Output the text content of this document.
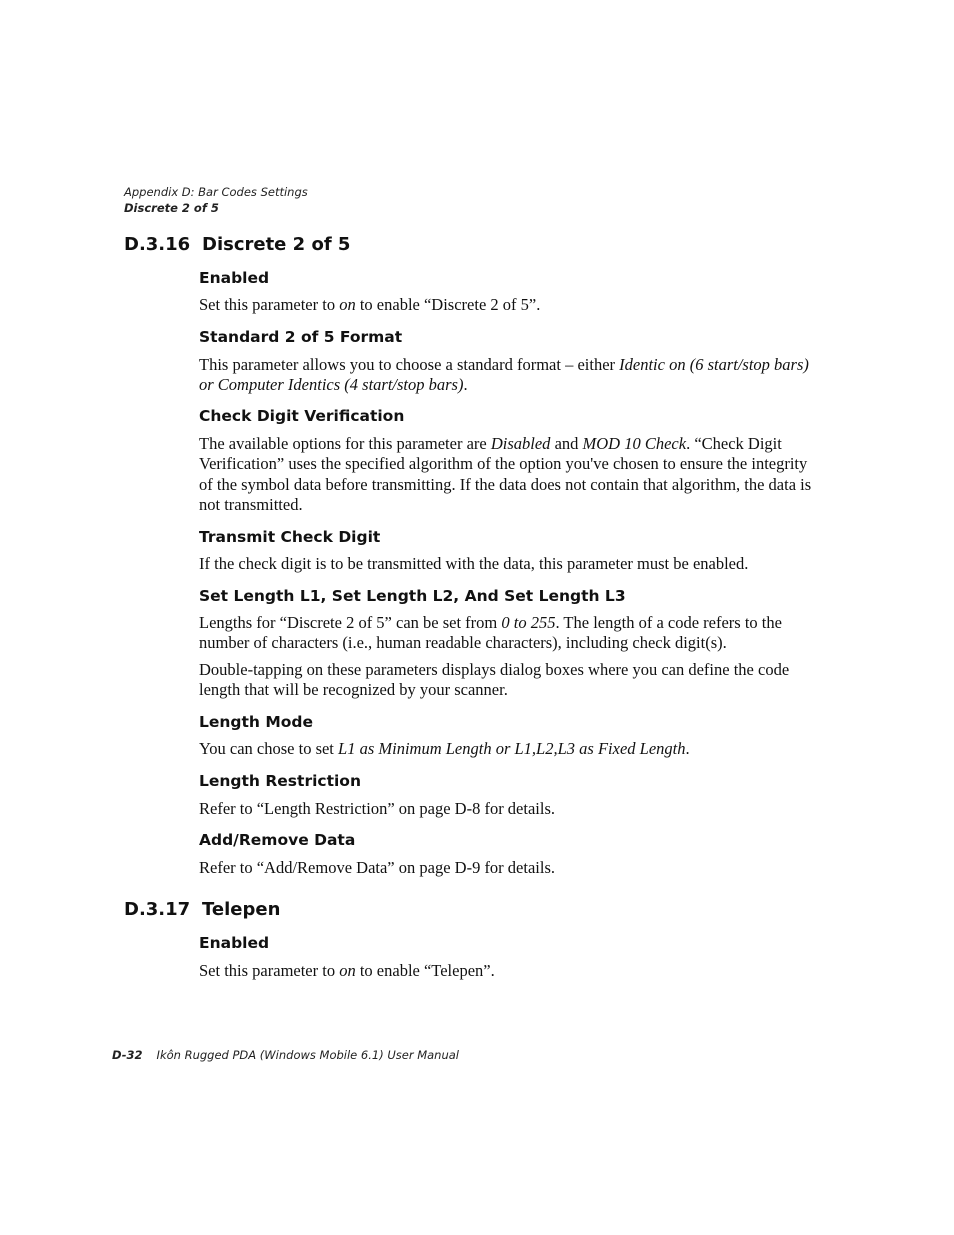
Appendix D: Bar Codes Settings
Discrete 2 of 5
D.3.16 Discrete 2 of 5
Enabled
Set this parameter to on to enable “Discrete 2 of 5”.
Standard 2 of 5 Format
This parameter allows you to choose a standard format – either Identic on (6 start/stop bars) or Computer Identics (4 start/stop bars).
Check Digit Verification
The available options for this parameter are Disabled and MOD 10 Check. “Check Digit Verification” uses the specified algorithm of the option you've chosen to ensure the integrity of the symbol data before transmitting. If the data does not contain that algorithm, the data is not transmitted.
Transmit Check Digit
If the check digit is to be transmitted with the data, this parameter must be enabled.
Set Length L1, Set Length L2, And Set Length L3
Lengths for “Discrete 2 of 5” can be set from 0 to 255. The length of a code refers to the number of characters (i.e., human readable characters), including check digit(s).
Double-tapping on these parameters displays dialog boxes where you can define the code length that will be recognized by your scanner.
Length Mode
You can chose to set L1 as Minimum Length or L1,L2,L3 as Fixed Length.
Length Restriction
Refer to “Length Restriction” on page D-8 for details.
Add/Remove Data
Refer to “Add/Remove Data” on page D-9 for details.
D.3.17 Telepen
Enabled
Set this parameter to on to enable “Telepen”.
D-32 Ikôn Rugged PDA (Windows Mobile 6.1) User Manual
